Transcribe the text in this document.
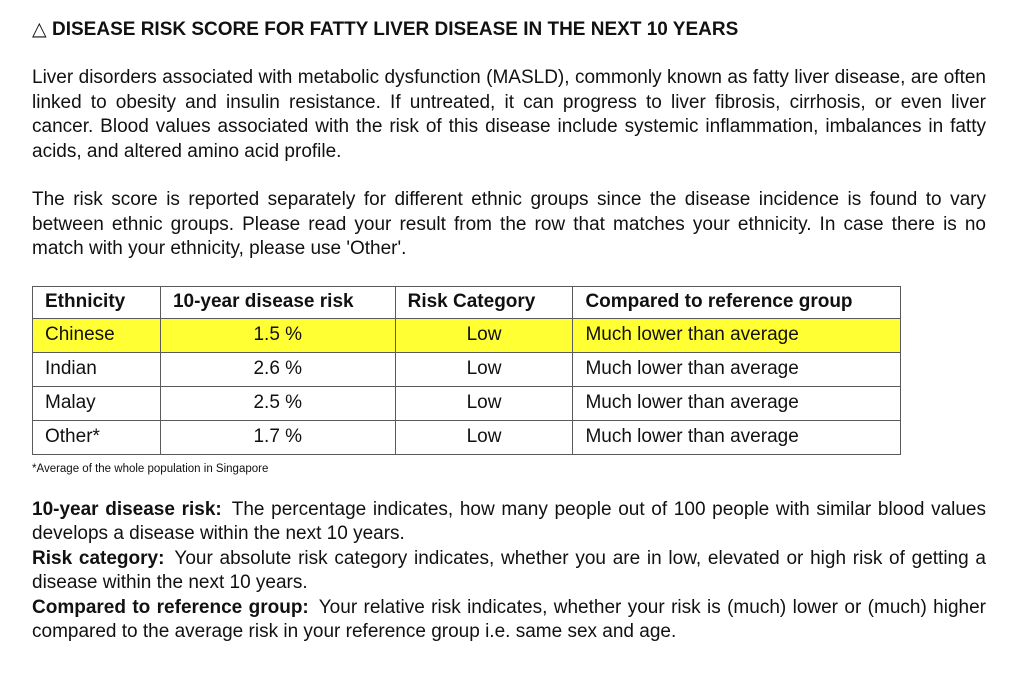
△ DISEASE RISK SCORE FOR FATTY LIVER DISEASE IN THE NEXT 10 YEARS

Liver disorders associated with metabolic dysfunction (MASLD), commonly known as fatty liver disease, are often linked to obesity and insulin resistance. If untreated, it can progress to liver fibrosis, cirrhosis, or even liver cancer. Blood values associated with the risk of this disease include systemic inflammation, imbalances in fatty acids, and altered amino acid profile.

The risk score is reported separately for different ethnic groups since the disease incidence is found to vary between ethnic groups. Please read your result from the row that matches your ethnicity. In case there is no match with your ethnicity, please use 'Other'.

Ethnicity	10-year disease risk	Risk Category	Compared to reference group
Chinese	1.5 %	Low	Much lower than average
Indian	2.6 %	Low	Much lower than average
Malay	2.5 %	Low	Much lower than average
Other*	1.7 %	Low	Much lower than average
*Average of the whole population in Singapore
10-year disease risk: The percentage indicates, how many people out of 100 people with similar blood values develops a disease within the next 10 years.
Risk category: Your absolute risk category indicates, whether you are in low, elevated or high risk of getting a disease within the next 10 years.
Compared to reference group: Your relative risk indicates, whether your risk is (much) lower or (much) higher compared to the average risk in your reference group i.e. same sex and age.
